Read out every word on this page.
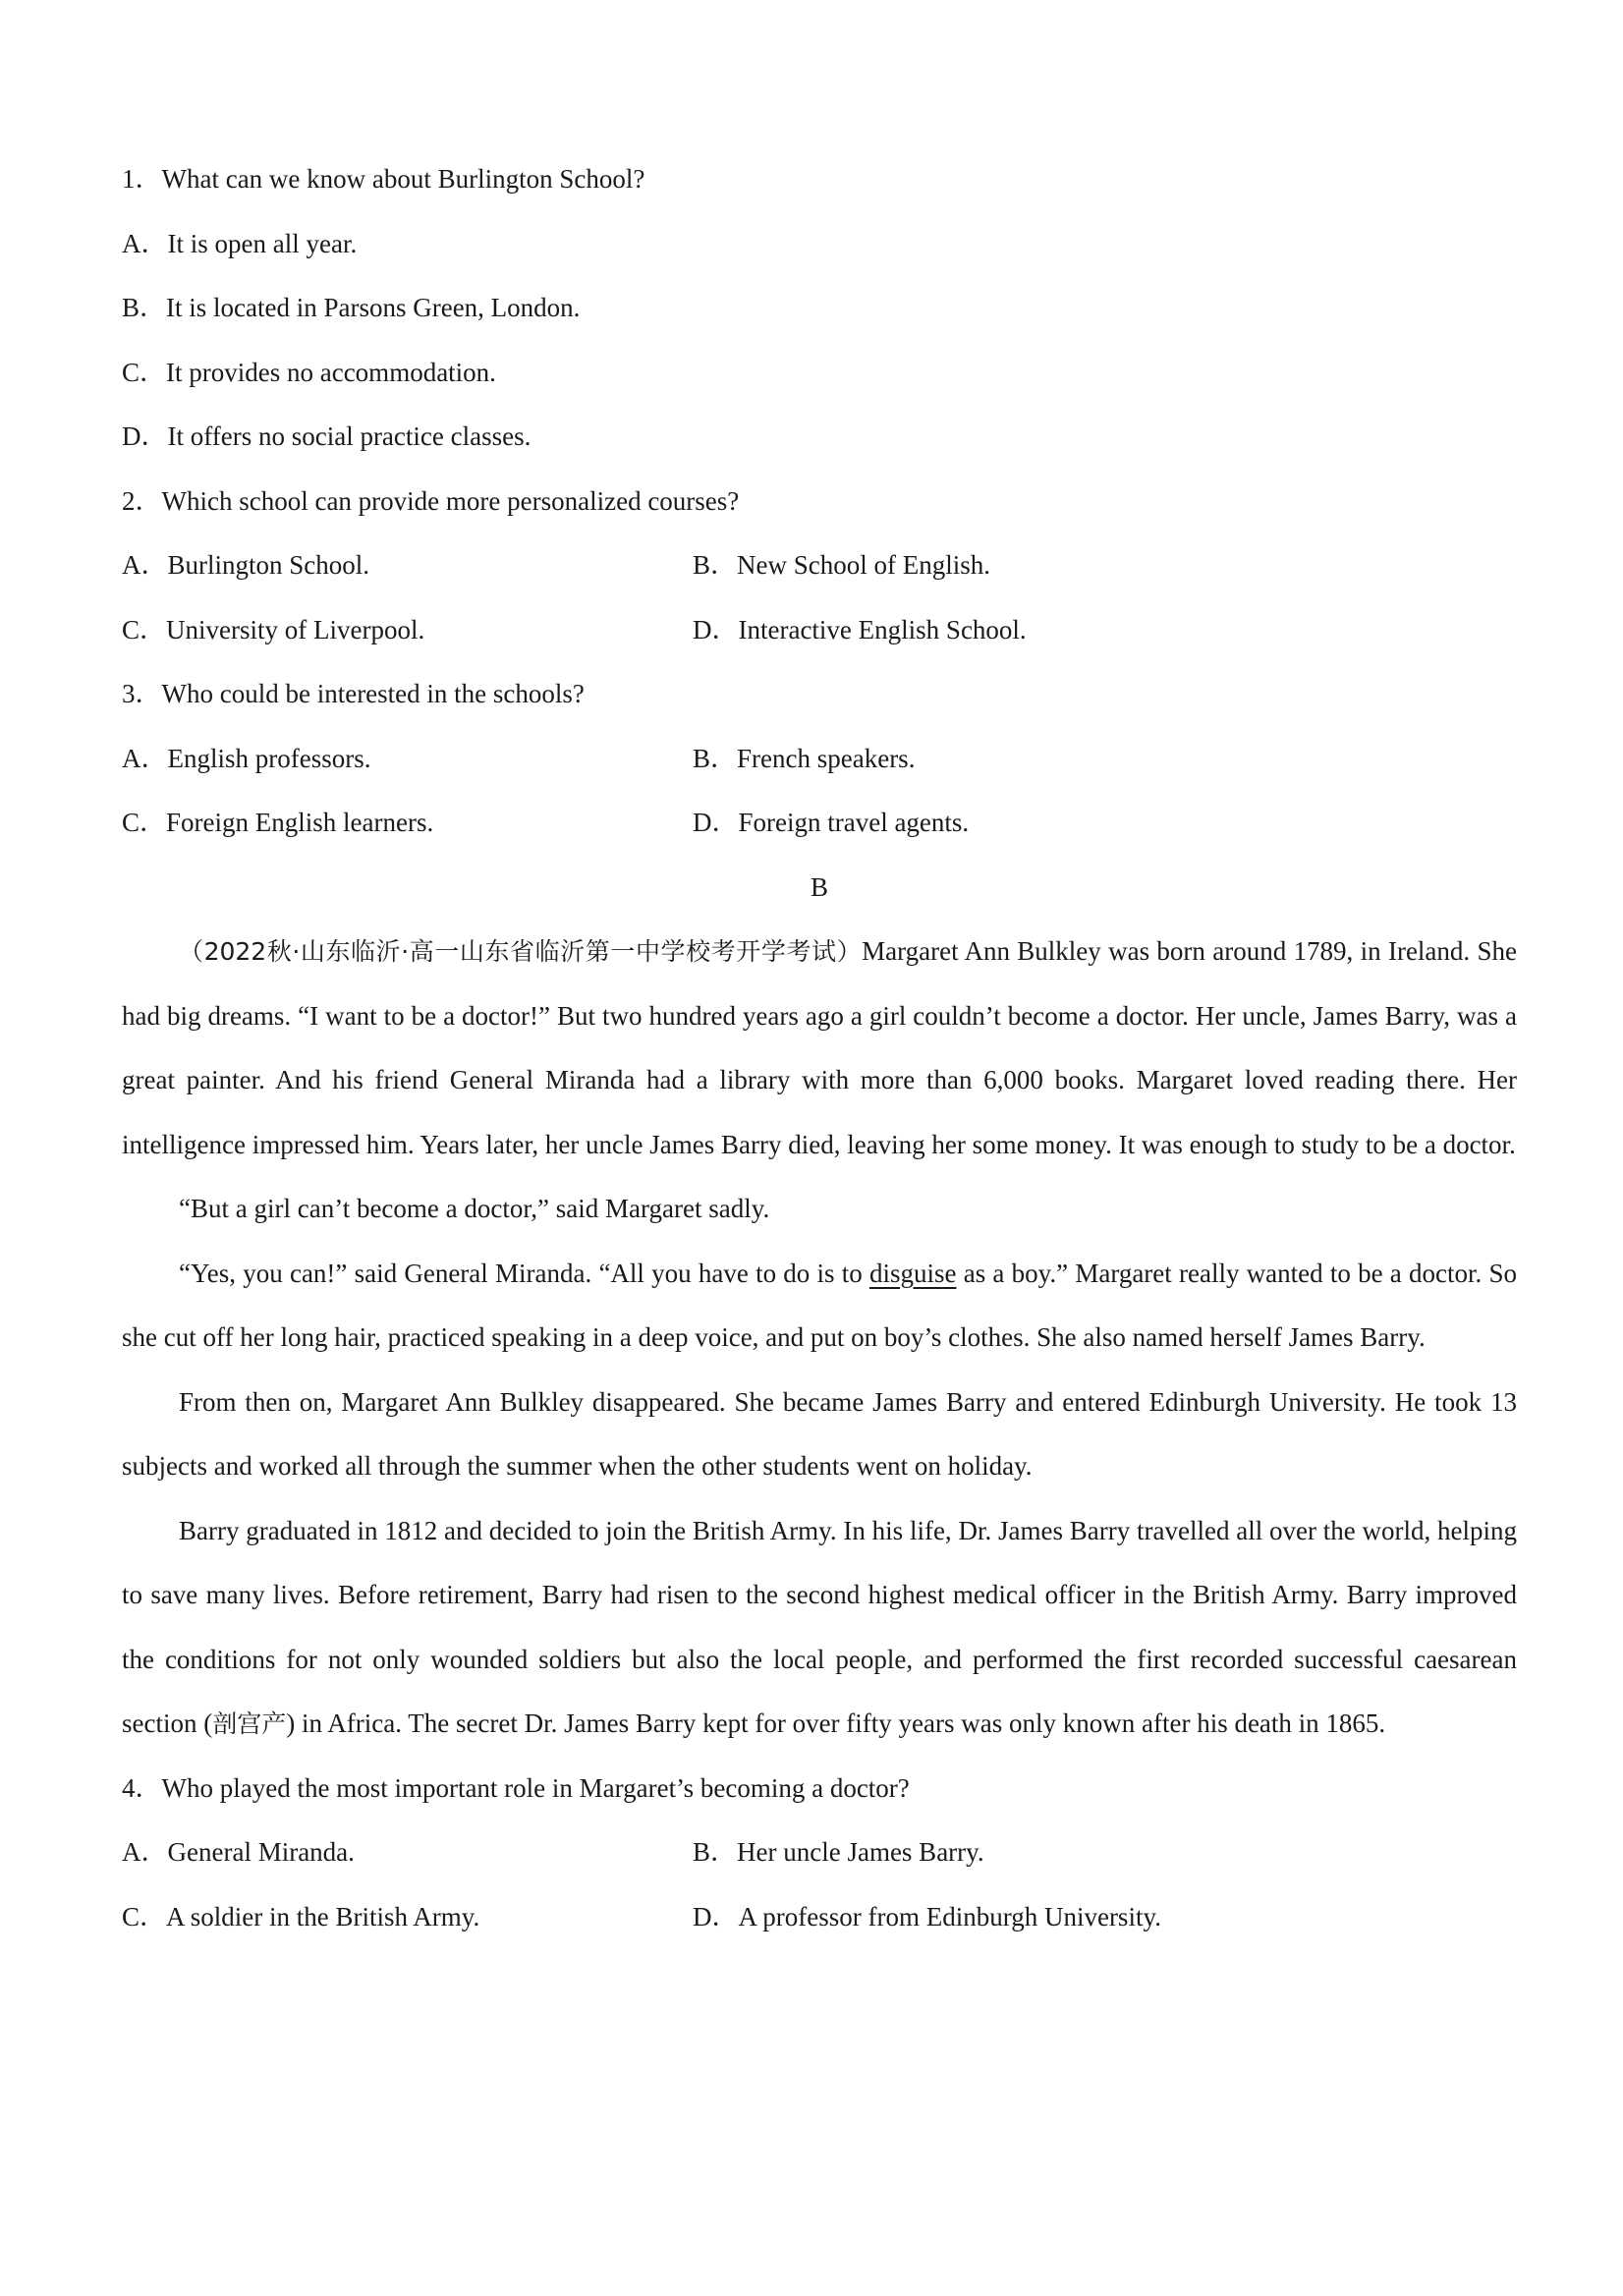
1．What can we know about Burlington School?
A．It is open all year.
B．It is located in Parsons Green, London.
C．It provides no accommodation.
D．It offers no social practice classes.
2．Which school can provide more personalized courses?
A．Burlington School.	B．New School of English.
C．University of Liverpool.	D．Interactive English School.
3．Who could be interested in the schools?
A．English professors.	B．French speakers.
C．Foreign English learners.	D．Foreign travel agents.
B

（2022秋·山东临沂·高一山东省临沂第一中学校考开学考试）Margaret Ann Bulkley was born around 1789, in Ireland. She had big dreams. “I want to be a doctor!” But two hundred years ago a girl couldn’t become a doctor. Her uncle, James Barry, was a great painter. And his friend General Miranda had a library with more than 6,000 books. Margaret loved reading there. Her intelligence impressed him. Years later, her uncle James Barry died, leaving her some money. It was enough to study to be a doctor.

“But a girl can’t become a doctor,” said Margaret sadly.

“Yes, you can!” said General Miranda. “All you have to do is to disguise as a boy.” Margaret really wanted to be a doctor. So she cut off her long hair, practiced speaking in a deep voice, and put on boy’s clothes. She also named herself James Barry.

From then on, Margaret Ann Bulkley disappeared. She became James Barry and entered Edinburgh University. He took 13 subjects and worked all through the summer when the other students went on holiday.

Barry graduated in 1812 and decided to join the British Army. In his life, Dr. James Barry travelled all over the world, helping to save many lives. Before retirement, Barry had risen to the second highest medical officer in the British Army. Barry improved the conditions for not only wounded soldiers but also the local people, and performed the first recorded successful caesarean section (剖宫产) in Africa. The secret Dr. James Barry kept for over fifty years was only known after his death in 1865.

4．Who played the most important role in Margaret’s becoming a doctor?
A．General Miranda.	B．Her uncle James Barry.
C．A soldier in the British Army.	D．A professor from Edinburgh University.
